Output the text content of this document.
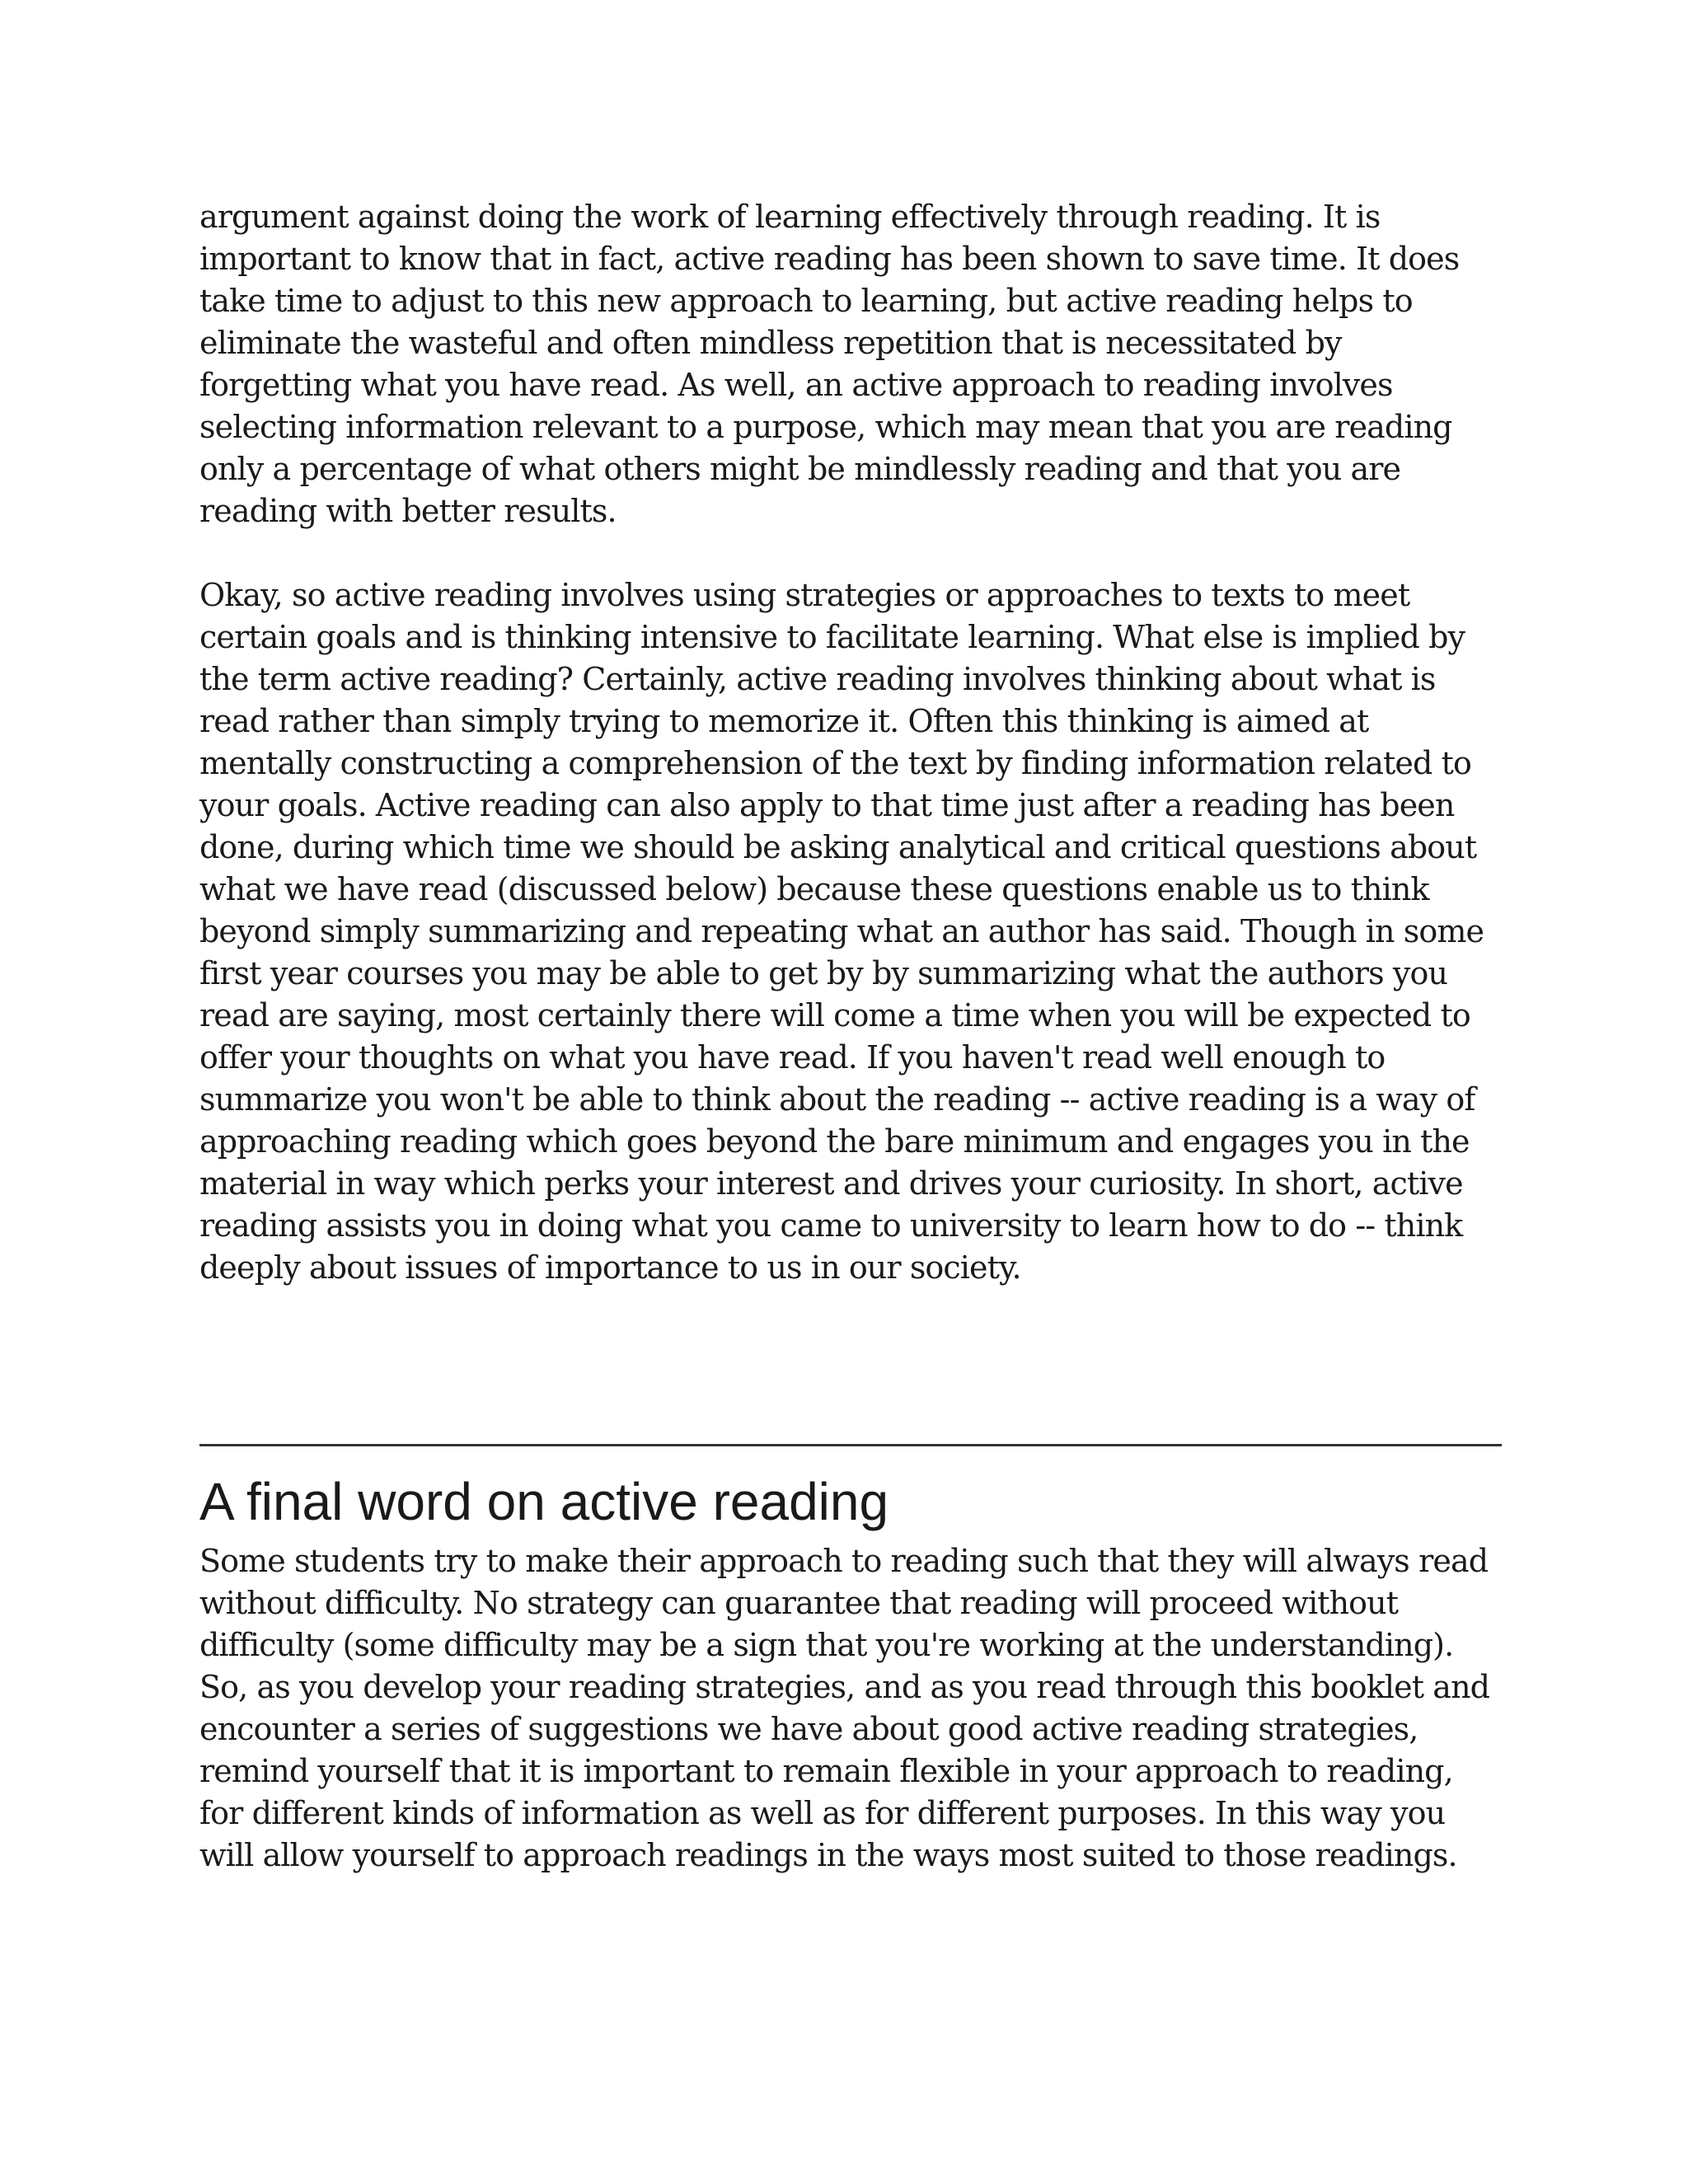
argument against doing the work of learning effectively through reading. It is
important to know that in fact, active reading has been shown to save time. It does
take time to adjust to this new approach to learning, but active reading helps to
eliminate the wasteful and often mindless repetition that is necessitated by
forgetting what you have read. As well, an active approach to reading involves
selecting information relevant to a purpose, which may mean that you are reading
only a percentage of what others might be mindlessly reading and that you are
reading with better results.

Okay, so active reading involves using strategies or approaches to texts to meet
certain goals and is thinking intensive to facilitate learning. What else is implied by
the term active reading? Certainly, active reading involves thinking about what is
read rather than simply trying to memorize it. Often this thinking is aimed at
mentally constructing a comprehension of the text by finding information related to
your goals. Active reading can also apply to that time just after a reading has been
done, during which time we should be asking analytical and critical questions about
what we have read (discussed below) because these questions enable us to think
beyond simply summarizing and repeating what an author has said. Though in some
first year courses you may be able to get by by summarizing what the authors you
read are saying, most certainly there will come a time when you will be expected to
offer your thoughts on what you have read. If you haven't read well enough to
summarize you won't be able to think about the reading -- active reading is a way of
approaching reading which goes beyond the bare minimum and engages you in the
material in way which perks your interest and drives your curiosity. In short, active
reading assists you in doing what you came to university to learn how to do -- think
deeply about issues of importance to us in our society.

A final word on active reading

Some students try to make their approach to reading such that they will always read
without difficulty. No strategy can guarantee that reading will proceed without
difficulty (some difficulty may be a sign that you're working at the understanding).
So, as you develop your reading strategies, and as you read through this booklet and
encounter a series of suggestions we have about good active reading strategies,
remind yourself that it is important to remain flexible in your approach to reading,
for different kinds of information as well as for different purposes. In this way you
will allow yourself to approach readings in the ways most suited to those readings.
